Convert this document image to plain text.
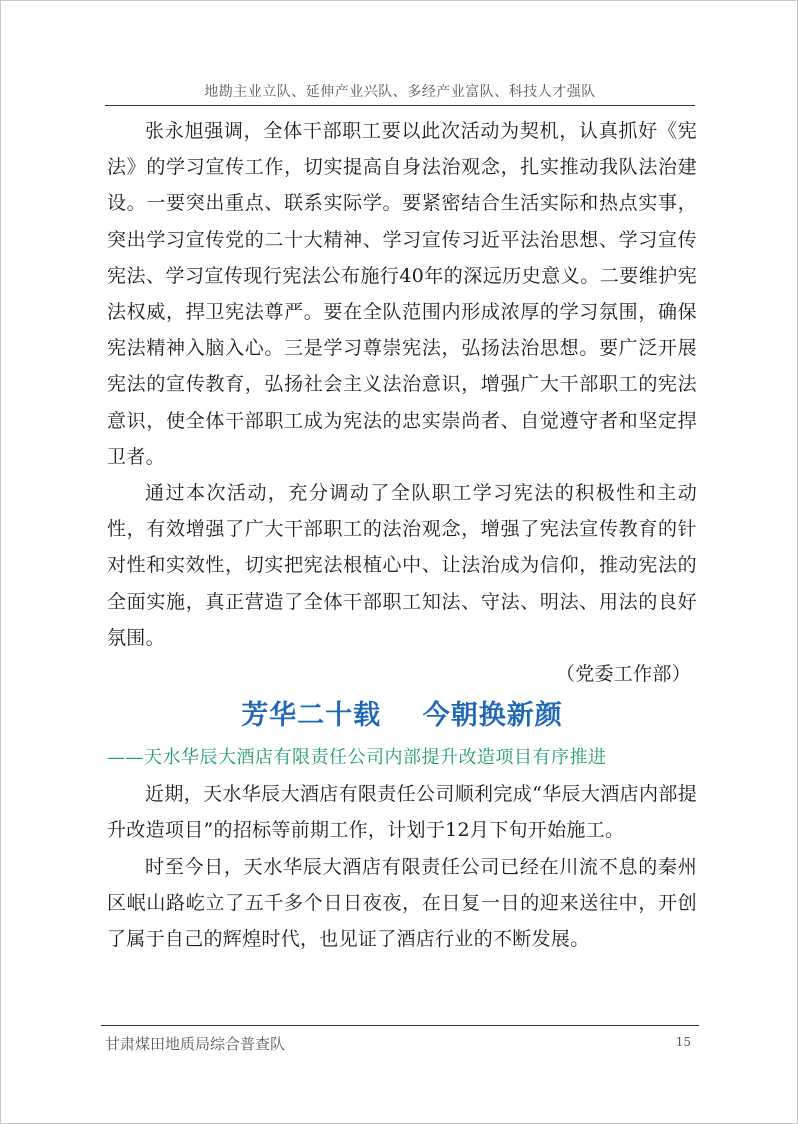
地勘主业立队、延伸产业兴队、多经产业富队、科技人才强队

张永旭强调，全体干部职工要以此次活动为契机，认真抓好《宪法》的学习宣传工作，切实提高自身法治观念，扎实推动我队法治建设。一要突出重点、联系实际学。要紧密结合生活实际和热点实事，突出学习宣传党的二十大精神、学习宣传习近平法治思想、学习宣传宪法、学习宣传现行宪法公布施行40年的深远历史意义。二要维护宪法权威，捍卫宪法尊严。要在全队范围内形成浓厚的学习氛围，确保宪法精神入脑入心。三是学习尊崇宪法，弘扬法治思想。要广泛开展宪法的宣传教育，弘扬社会主义法治意识，增强广大干部职工的宪法意识，使全体干部职工成为宪法的忠实崇尚者、自觉遵守者和坚定捍卫者。

通过本次活动，充分调动了全队职工学习宪法的积极性和主动性，有效增强了广大干部职工的法治观念，增强了宪法宣传教育的针对性和实效性，切实把宪法根植心中、让法治成为信仰，推动宪法的全面实施，真正营造了全体干部职工知法、守法、明法、用法的良好氛围。

（党委工作部）

芳华二十载    今朝换新颜

——天水华辰大酒店有限责任公司内部提升改造项目有序推进

近期，天水华辰大酒店有限责任公司顺利完成“华辰大酒店内部提升改造项目”的招标等前期工作，计划于12月下旬开始施工。

时至今日，天水华辰大酒店有限责任公司已经在川流不息的秦州区岷山路屹立了五千多个日日夜夜，在日复一日的迎来送往中，开创了属于自己的辉煌时代，也见证了酒店行业的不断发展。

甘肃煤田地质局综合普查队	15
